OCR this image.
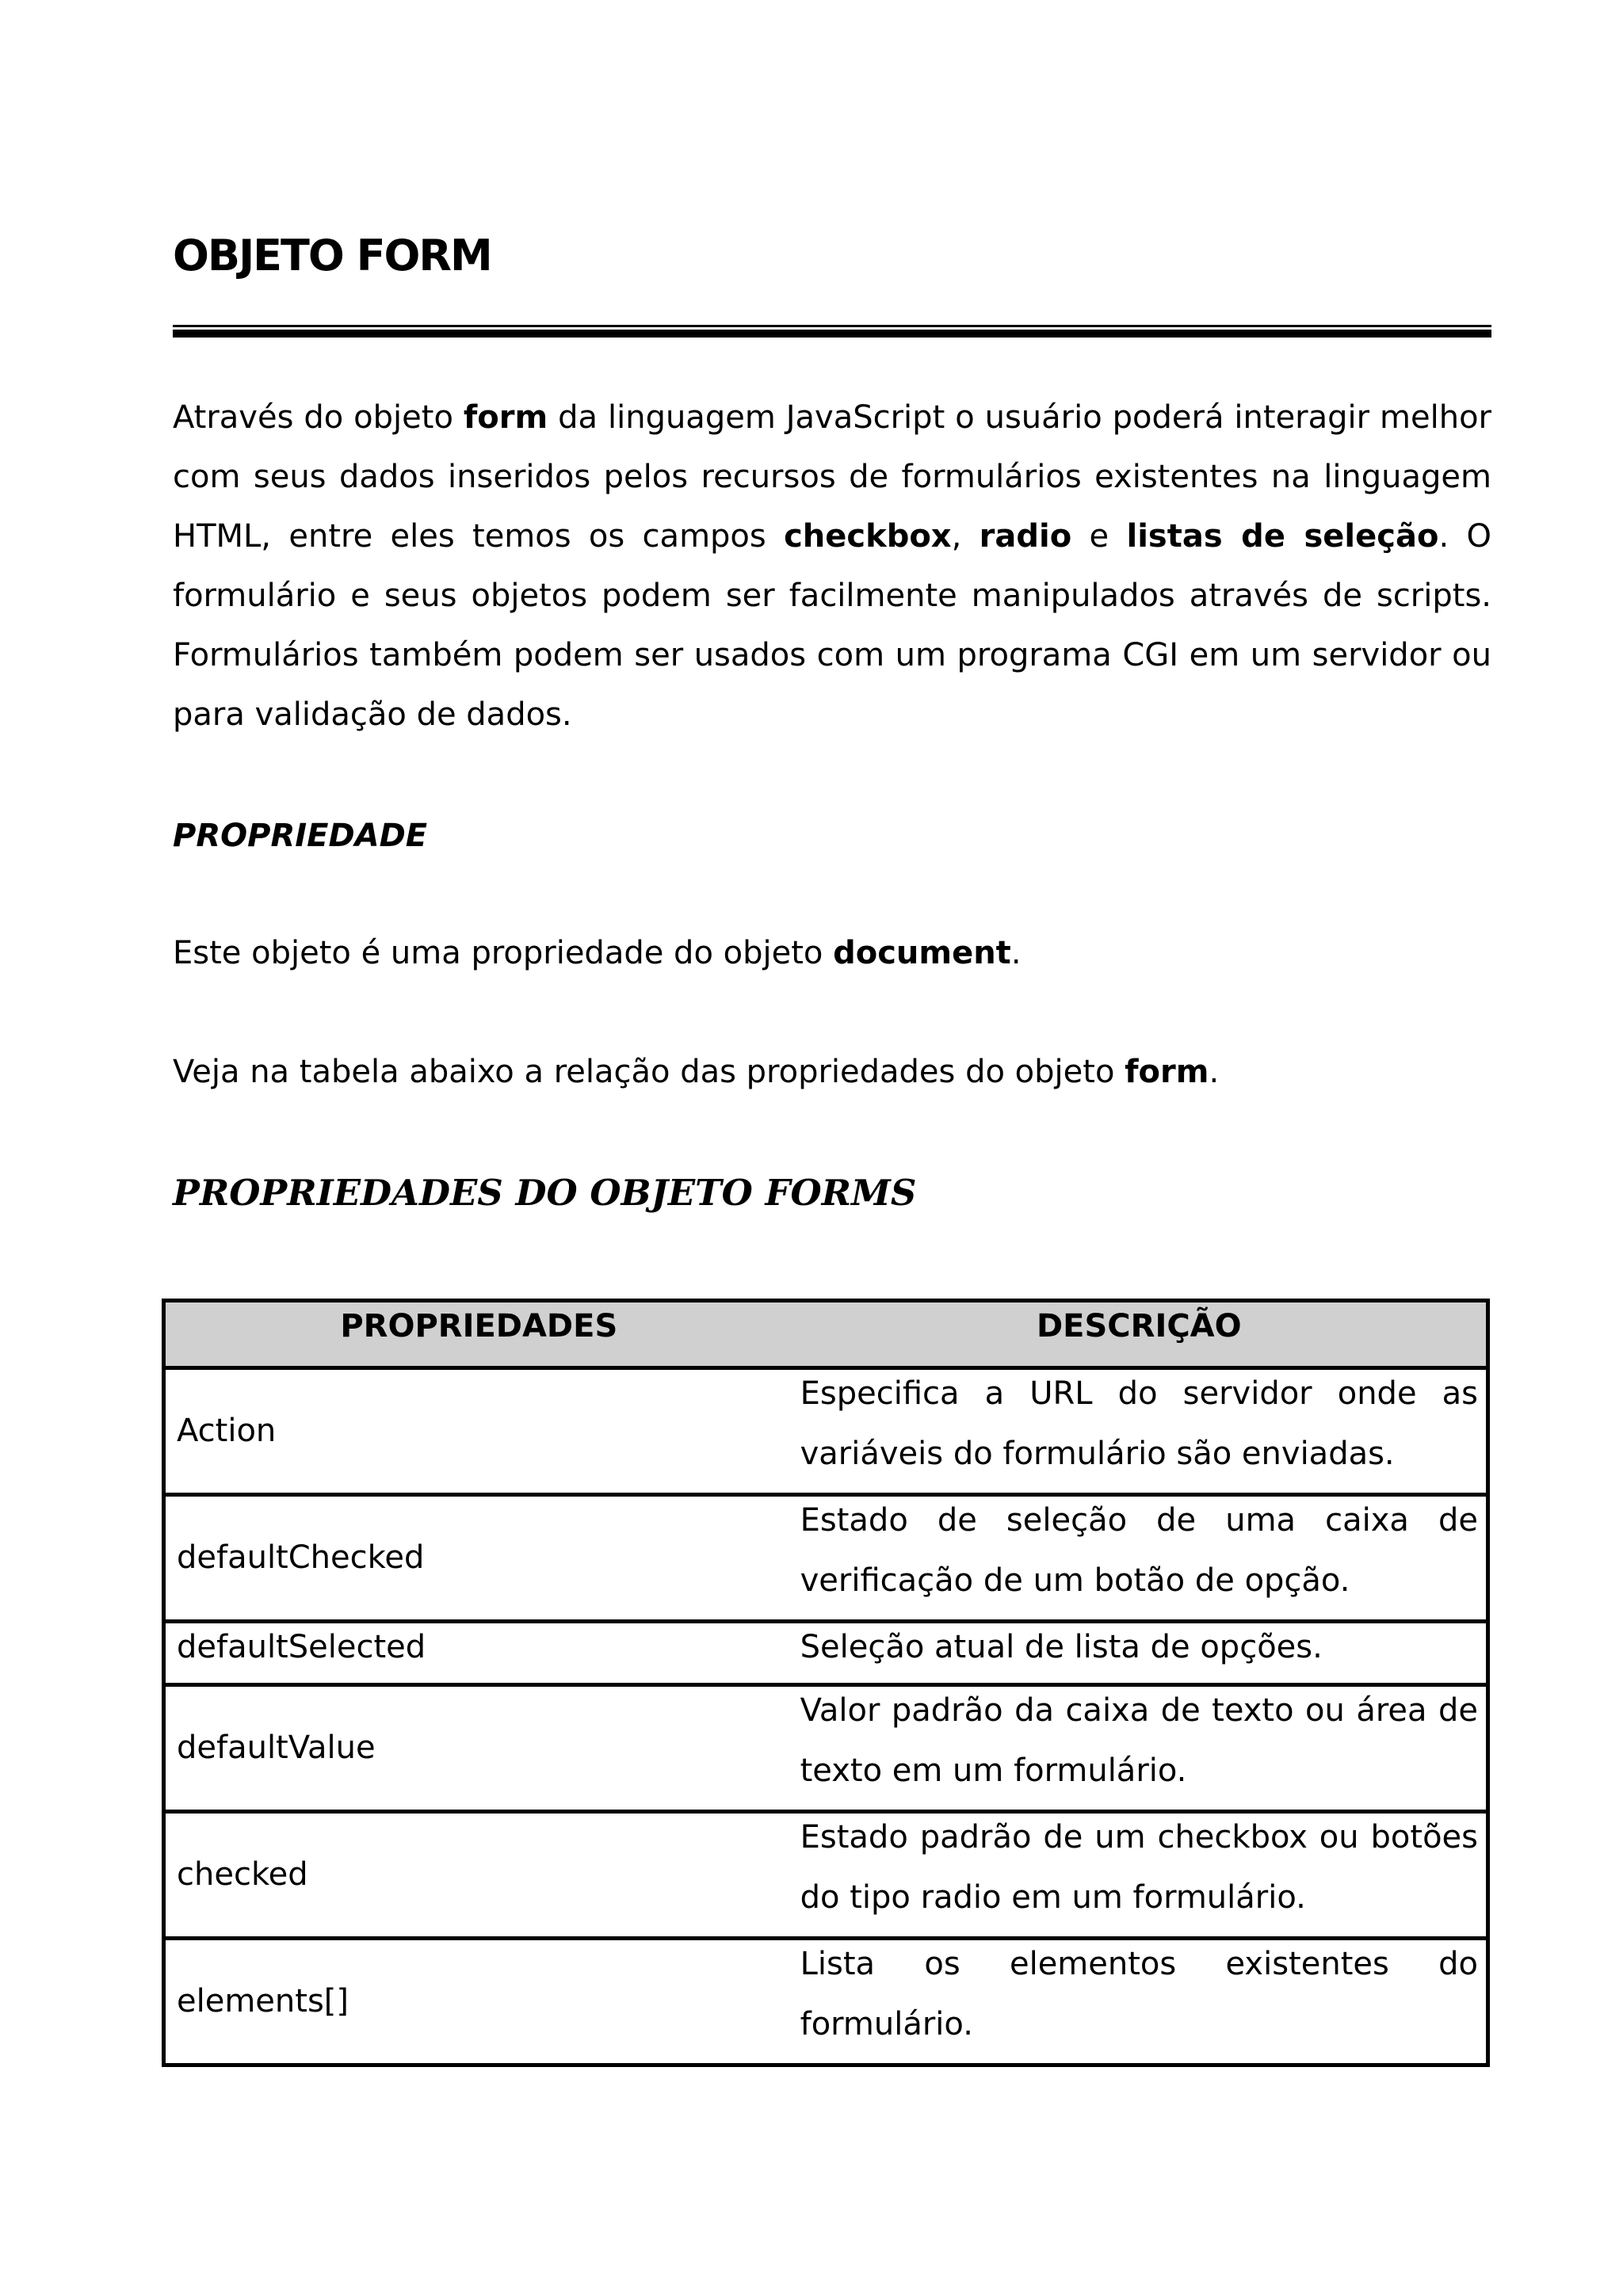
OBJETO FORM

Através do objeto form da linguagem JavaScript o usuário poderá interagir melhor com seus dados inseridos pelos recursos de formulários existentes na linguagem HTML, entre eles temos os campos checkbox, radio e listas de seleção. O formulário e seus objetos podem ser facilmente manipulados através de scripts. Formulários também podem ser usados com um programa CGI em um servidor ou para validação de dados.

PROPRIEDADE

Este objeto é uma propriedade do objeto document.

Veja na tabela abaixo a relação das propriedades do objeto form.

PROPRIEDADES DO OBJETO FORMS
PROPRIEDADES	DESCRIÇÃO
Action
Especifica a URL do servidor onde as variáveis do formulário são enviadas.
defaultChecked
Estado de seleção de uma caixa de verificação de um botão de opção.
defaultSelected	Seleção atual de lista de opções.
defaultValue
Valor padrão da caixa de texto ou área de texto em um formulário.
checked
Estado padrão de um checkbox ou botões do tipo radio em um formulário.
elements[]
Lista os elementos existentes do formulário.
